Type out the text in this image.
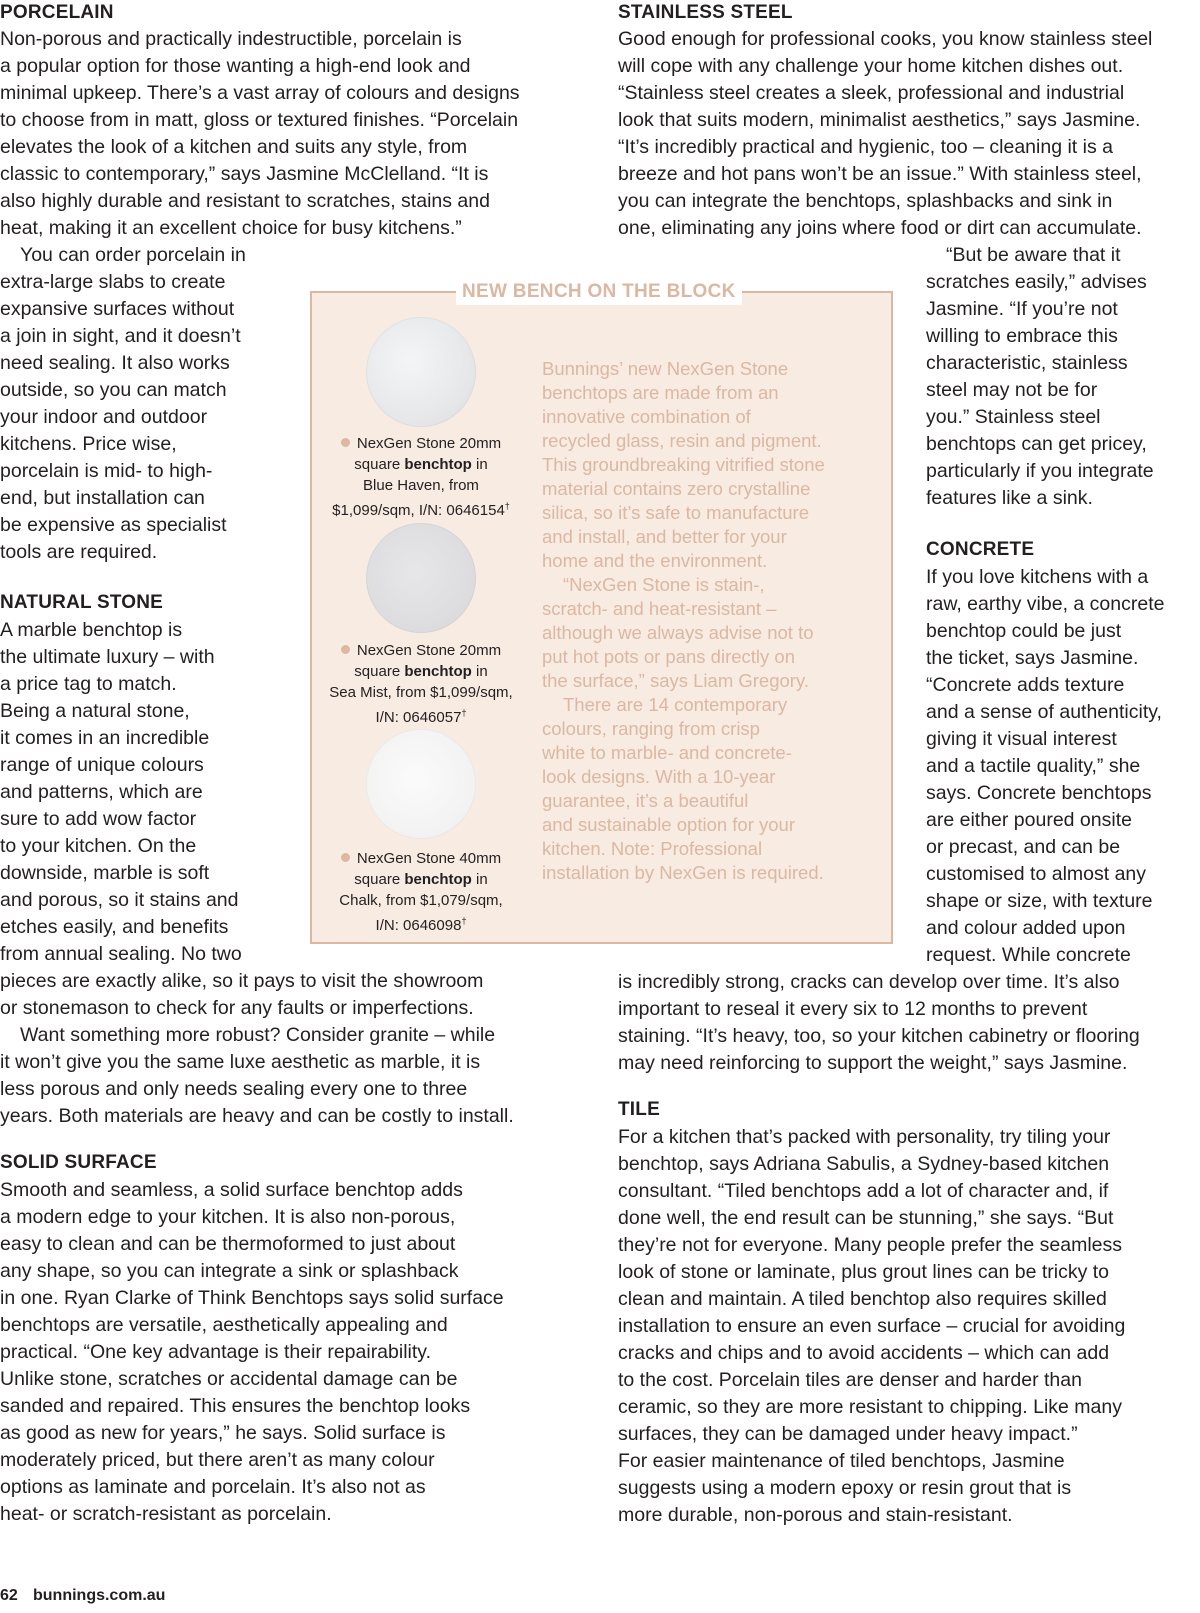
PORCELAIN
Non-porous and practically indestructible, porcelain is
a popular option for those wanting a high-end look and
minimal upkeep. There’s a vast array of colours and designs
to choose from in matt, gloss or textured finishes. “Porcelain
elevates the look of a kitchen and suits any style, from
classic to contemporary,” says Jasmine McClelland. “It is
also highly durable and resistant to scratches, stains and
heat, making it an excellent choice for busy kitchens.”
You can order porcelain in
extra-large slabs to create
expansive surfaces without
a join in sight, and it doesn’t
need sealing. It also works
outside, so you can match
your indoor and outdoor
kitchens. Price wise,
porcelain is mid- to high-
end, but installation can
be expensive as specialist
tools are required.
NATURAL STONE
A marble benchtop is
the ultimate luxury – with
a price tag to match.
Being a natural stone,
it comes in an incredible
range of unique colours
and patterns, which are
sure to add wow factor
to your kitchen. On the
downside, marble is soft
and porous, so it stains and
etches easily, and benefits
from annual sealing. No two
pieces are exactly alike, so it pays to visit the showroom
or stonemason to check for any faults or imperfections.
Want something more robust? Consider granite – while
it won’t give you the same luxe aesthetic as marble, it is
less porous and only needs sealing every one to three
years. Both materials are heavy and can be costly to install.
SOLID SURFACE
Smooth and seamless, a solid surface benchtop adds
a modern edge to your kitchen. It is also non-porous,
easy to clean and can be thermoformed to just about
any shape, so you can integrate a sink or splashback
in one. Ryan Clarke of Think Benchtops says solid surface
benchtops are versatile, aesthetically appealing and
practical. “One key advantage is their repairability.
Unlike stone, scratches or accidental damage can be
sanded and repaired. This ensures the benchtop looks
as good as new for years,” he says. Solid surface is
moderately priced, but there aren’t as many colour
options as laminate and porcelain. It’s also not as
heat- or scratch-resistant as porcelain.
STAINLESS STEEL
Good enough for professional cooks, you know stainless steel
will cope with any challenge your home kitchen dishes out.
“Stainless steel creates a sleek, professional and industrial
look that suits modern, minimalist aesthetics,” says Jasmine.
“It’s incredibly practical and hygienic, too – cleaning it is a
breeze and hot pans won’t be an issue.” With stainless steel,
you can integrate the benchtops, splashbacks and sink in
one, eliminating any joins where food or dirt can accumulate.
“But be aware that it
scratches easily,” advises
Jasmine. “If you’re not
willing to embrace this
characteristic, stainless
steel may not be for
you.” Stainless steel
benchtops can get pricey,
particularly if you integrate
features like a sink.
CONCRETE
If you love kitchens with a
raw, earthy vibe, a concrete
benchtop could be just
the ticket, says Jasmine.
“Concrete adds texture
and a sense of authenticity,
giving it visual interest
and a tactile quality,” she
says. Concrete benchtops
are either poured onsite
or precast, and can be
customised to almost any
shape or size, with texture
and colour added upon
request. While concrete
is incredibly strong, cracks can develop over time. It’s also
important to reseal it every six to 12 months to prevent
staining. “It’s heavy, too, so your kitchen cabinetry or flooring
may need reinforcing to support the weight,” says Jasmine.
TILE
For a kitchen that’s packed with personality, try tiling your
benchtop, says Adriana Sabulis, a Sydney-based kitchen
consultant. “Tiled benchtops add a lot of character and, if
done well, the end result can be stunning,” she says. “But
they’re not for everyone. Many people prefer the seamless
look of stone or laminate, plus grout lines can be tricky to
clean and maintain. A tiled benchtop also requires skilled
installation to ensure an even surface – crucial for avoiding
cracks and chips and to avoid accidents – which can add
to the cost. Porcelain tiles are denser and harder than
ceramic, so they are more resistant to chipping. Like many
surfaces, they can be damaged under heavy impact.”
For easier maintenance of tiled benchtops, Jasmine
suggests using a modern epoxy or resin grout that is
more durable, non-porous and stain-resistant.
NEW BENCH ON THE BLOCK
NexGen Stone 20mm
square benchtop in
Blue Haven, from
$1,099/sqm, I/N: 0646154†
NexGen Stone 20mm
square benchtop in
Sea Mist, from $1,099/sqm,
I/N: 0646057†
NexGen Stone 40mm
square benchtop in
Chalk, from $1,079/sqm,
I/N: 0646098†
Bunnings’ new NexGen Stone
benchtops are made from an
innovative combination of
recycled glass, resin and pigment.
This groundbreaking vitrified stone
material contains zero crystalline
silica, so it’s safe to manufacture
and install, and better for your
home and the environment.
“NexGen Stone is stain-,
scratch- and heat-resistant –
although we always advise not to
put hot pots or pans directly on
the surface,” says Liam Gregory.
There are 14 contemporary
colours, ranging from crisp
white to marble- and concrete-
look designs. With a 10-year
guarantee, it’s a beautiful
and sustainable option for your
kitchen. Note: Professional
installation by NexGen is required.
62 bunnings.com.au
